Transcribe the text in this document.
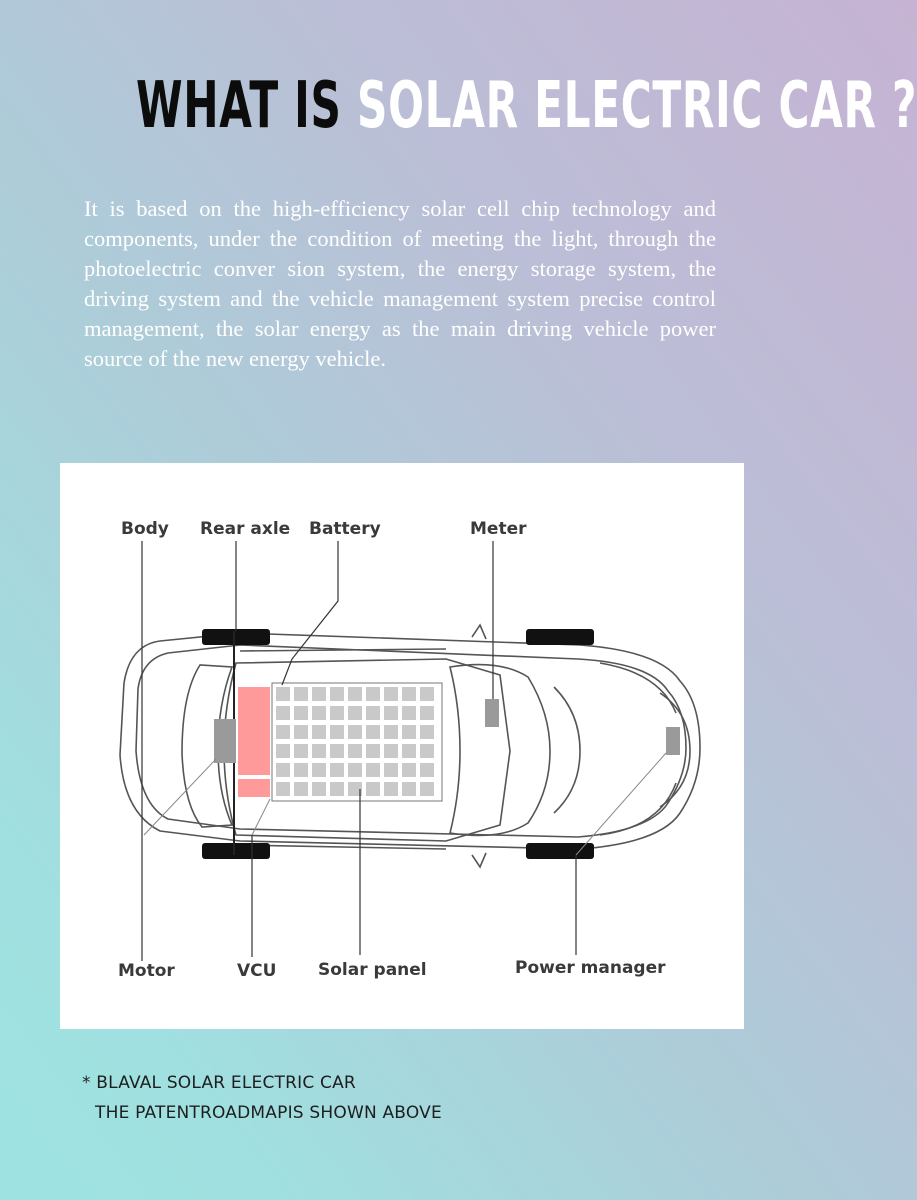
WHAT IS SOLAR ELECTRIC CAR ?

It is based on the high-efficiency solar cell chip technology and components, under the condition of meeting the light, through the photoelectric conver sion system, the energy storage system, the driving system and the vehicle management system precise control management, the solar energy as the main driving vehicle power source of the new energy vehicle.

Body Rear axle Battery	Meter
Motor	VCU Solar panel	Power manager
* BLAVAL SOLAR ELECTRIC CAR
THE PATENTROADMAPIS SHOWN ABOVE
